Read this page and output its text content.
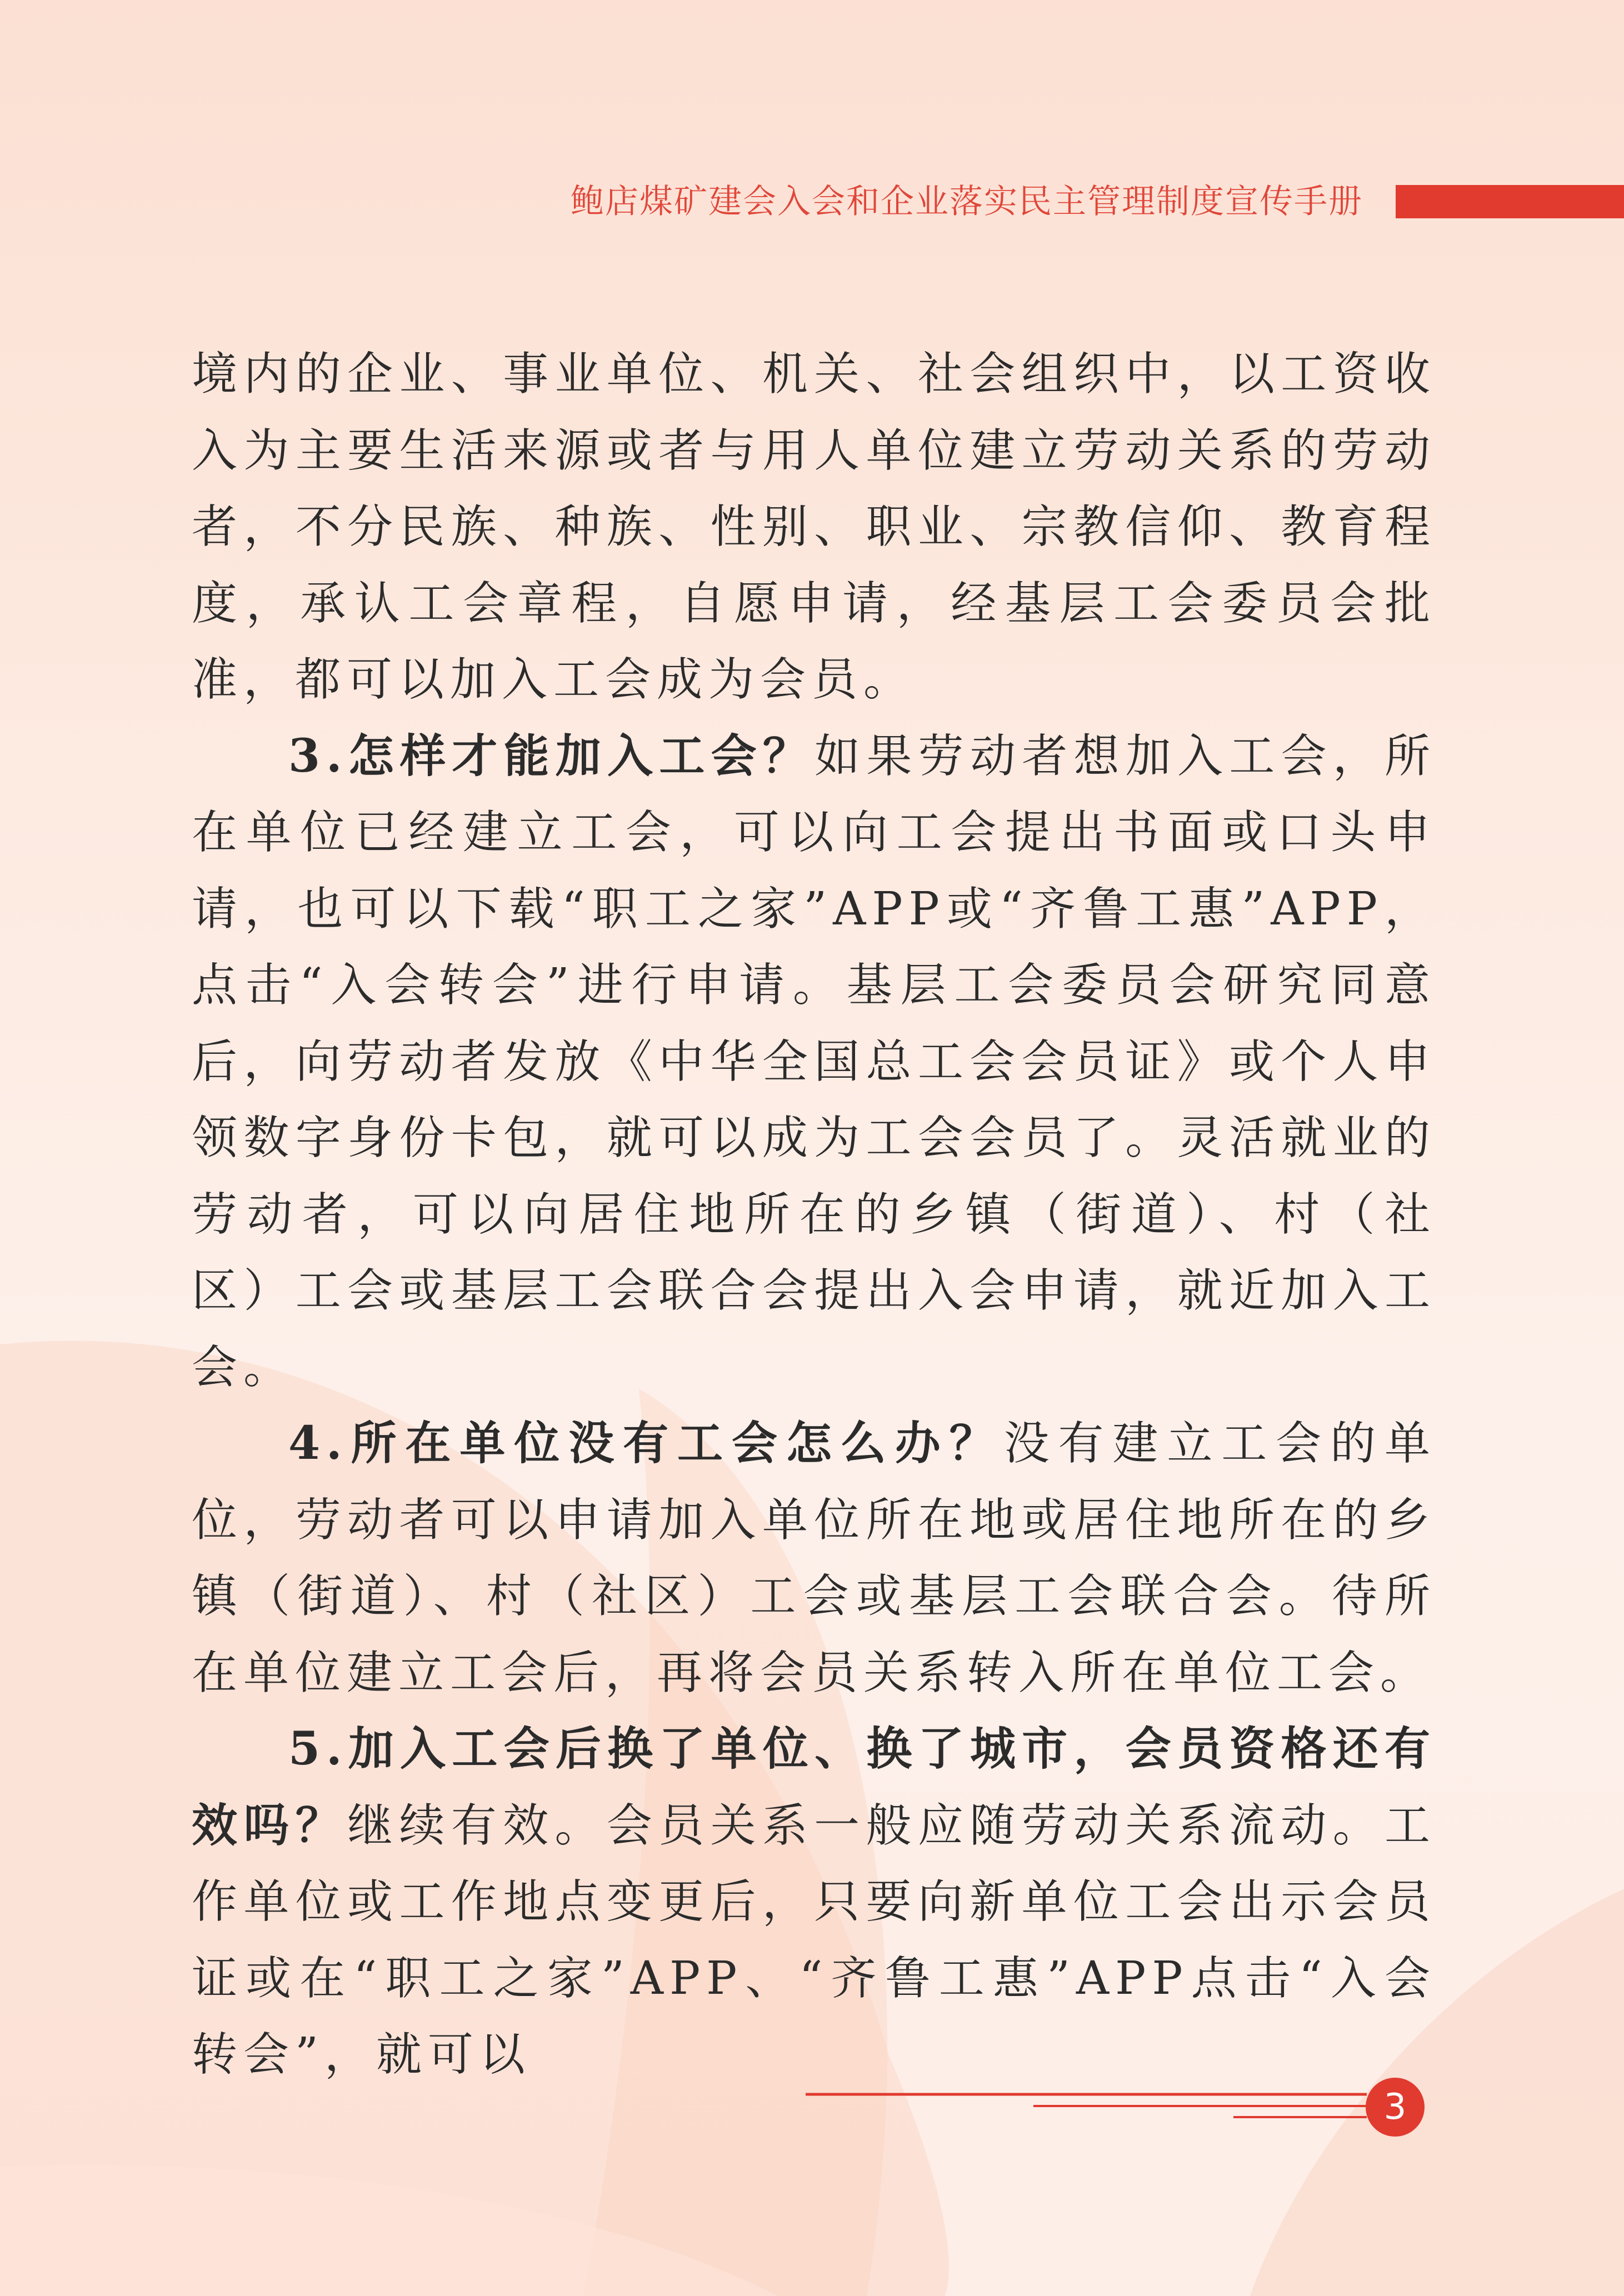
鲍店煤矿建会入会和企业落实民主管理制度宣传手册

境内的企业、事业单位、机关、社会组织中，以工资收入为主要生活来源或者与用人单位建立劳动关系的劳动者，不分民族、种族、性别、职业、宗教信仰、教育程度，承认工会章程，自愿申请，经基层工会委员会批准，都可以加入工会成为会员。

3.怎样才能加入工会？如果劳动者想加入工会，所在单位已经建立工会，可以向工会提出书面或口头申请，也可以下载“职工之家”APP或“齐鲁工惠”APP，点击“入会转会”进行申请。基层工会委员会研究同意后，向劳动者发放《中华全国总工会会员证》或个人申领数字身份卡包，就可以成为工会会员了。灵活就业的劳动者，可以向居住地所在的乡镇（街道）、村（社区）工会或基层工会联合会提出入会申请，就近加入工会。

4.所在单位没有工会怎么办？没有建立工会的单位，劳动者可以申请加入单位所在地或居住地所在的乡镇（街道）、村（社区）工会或基层工会联合会。待所在单位建立工会后，再将会员关系转入所在单位工会。

5.加入工会后换了单位、换了城市，会员资格还有效吗？继续有效。会员关系一般应随劳动关系流动。工作单位或工作地点变更后，只要向新单位工会出示会员证或在“职工之家”APP、“齐鲁工惠”APP点击“入会转会”，就可以

3
